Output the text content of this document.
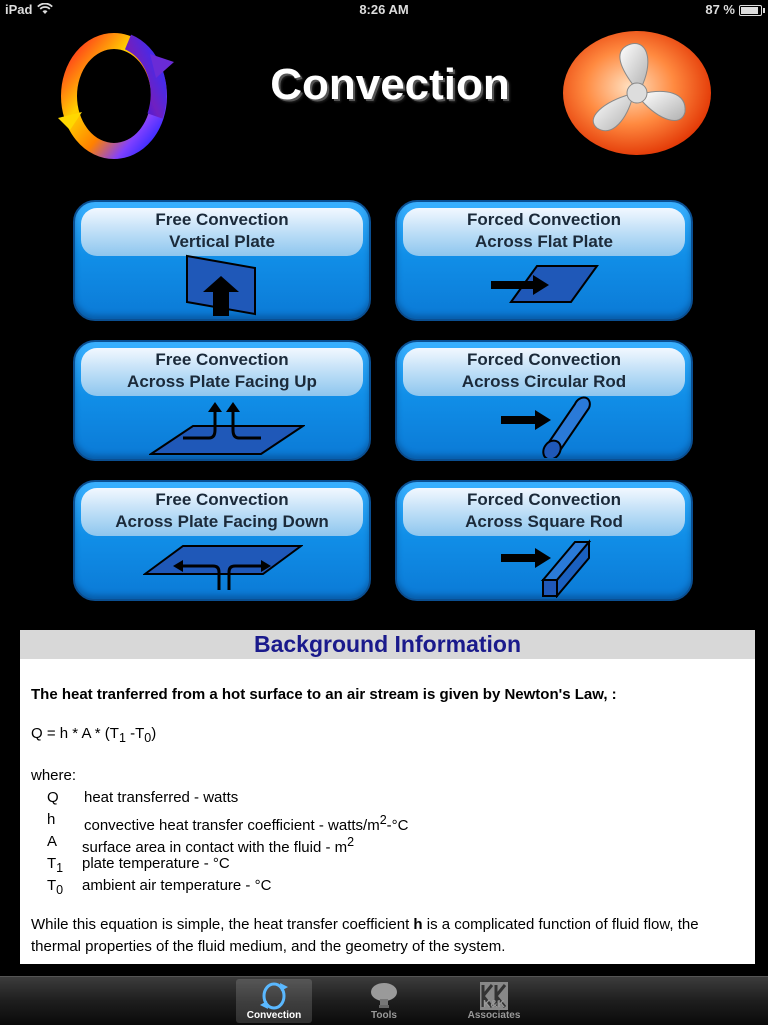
iPad	8:26 AM	87 %
Convection
Free Convection
Vertical Plate
Forced Convection
Across Flat Plate
Free Convection
Across Plate Facing Up
Forced Convection
Across Circular Rod
Free Convection
Across Plate Facing Down
Forced Convection
Across Square Rod
Background Information
The heat tranferred from a hot surface to an air stream is given by Newton's Law, :
$Q = h * A * (T_1$ $-T_0$)
where:
Q heat transferred - watts
h convective heat transfer coefficient - watts/$m^2-^\circ C$
A surface area in contact with the fluid - $m^2$
$T_1$ plate temperature - °C
$T_0$ ambient air temperature - °C
While this equation is simple, the heat transfer coefficient h is a complicated function of fluid flow, the thermal properties of the fluid medium, and the geometry of the system.
Convection	Tools
K&K Associates
